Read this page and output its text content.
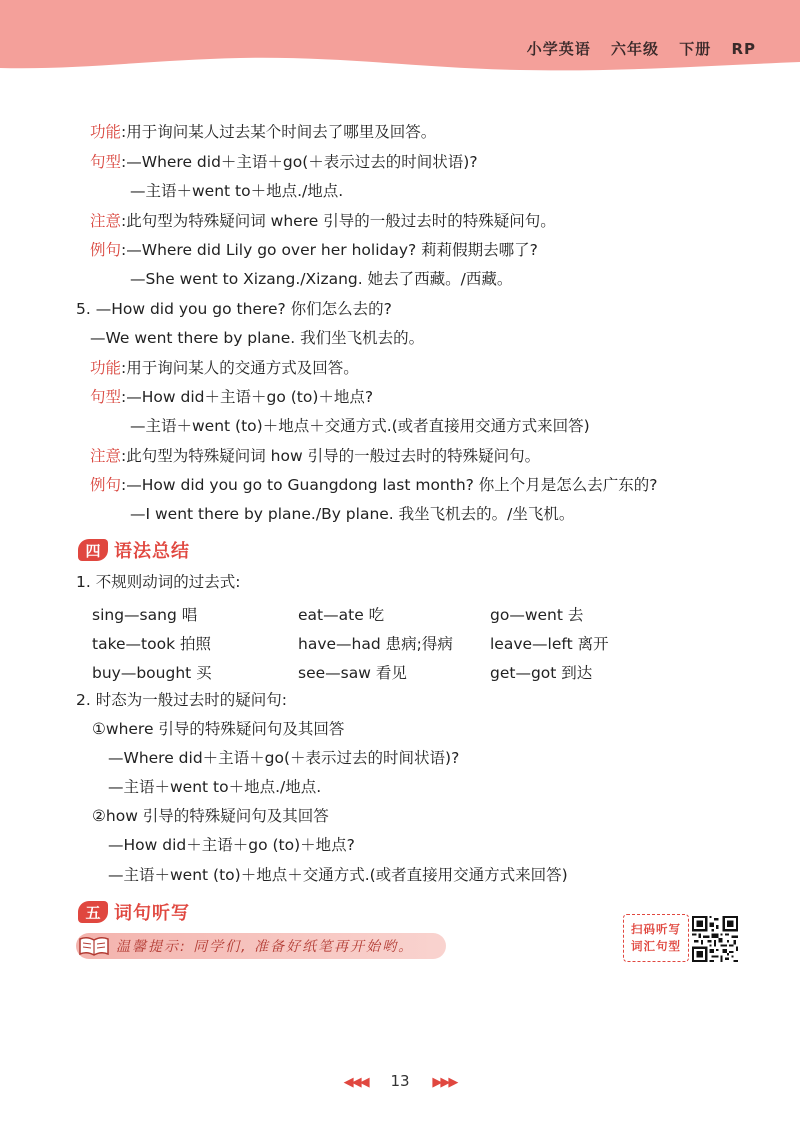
小学英语 六年级 下册 RP
功能:用于询问某人过去某个时间去了哪里及回答。
句型:—Where did＋主语＋go(＋表示过去的时间状语)?
—主语＋went to＋地点./地点.
注意:此句型为特殊疑问词 where 引导的一般过去时的特殊疑问句。
例句:—Where did Lily go over her holiday? 莉莉假期去哪了?
—She went to Xizang./Xizang. 她去了西藏。/西藏。
5. —How did you go there? 你们怎么去的?
—We went there by plane. 我们坐飞机去的。
功能:用于询问某人的交通方式及回答。
句型:—How did＋主语＋go (to)＋地点?
—主语＋went (to)＋地点＋交通方式.(或者直接用交通方式来回答)
注意:此句型为特殊疑问词 how 引导的一般过去时的特殊疑问句。
例句:—How did you go to Guangdong last month? 你上个月是怎么去广东的?
—I went there by plane./By plane. 我坐飞机去的。/坐飞机。
四 语法总结
1. 不规则动词的过去式:
sing—sang 唱	eat—ate 吃	go—went 去
take—took 拍照	have—had 患病;得病 leave—left 离开
buy—bought 买	see—saw 看见	get—got 到达
2. 时态为一般过去时的疑问句:
①where 引导的特殊疑问句及其回答
—Where did＋主语＋go(＋表示过去的时间状语)?
—主语＋went to＋地点./地点.
②how 引导的特殊疑问句及其回答
—How did＋主语＋go (to)＋地点?
—主语＋went (to)＋地点＋交通方式.(或者直接用交通方式来回答)
五 词句听写
温馨提示: 同学们, 准备好纸笔再开始哟。
扫码听写
词汇句型
◀◀◀ 13 ▶▶▶
